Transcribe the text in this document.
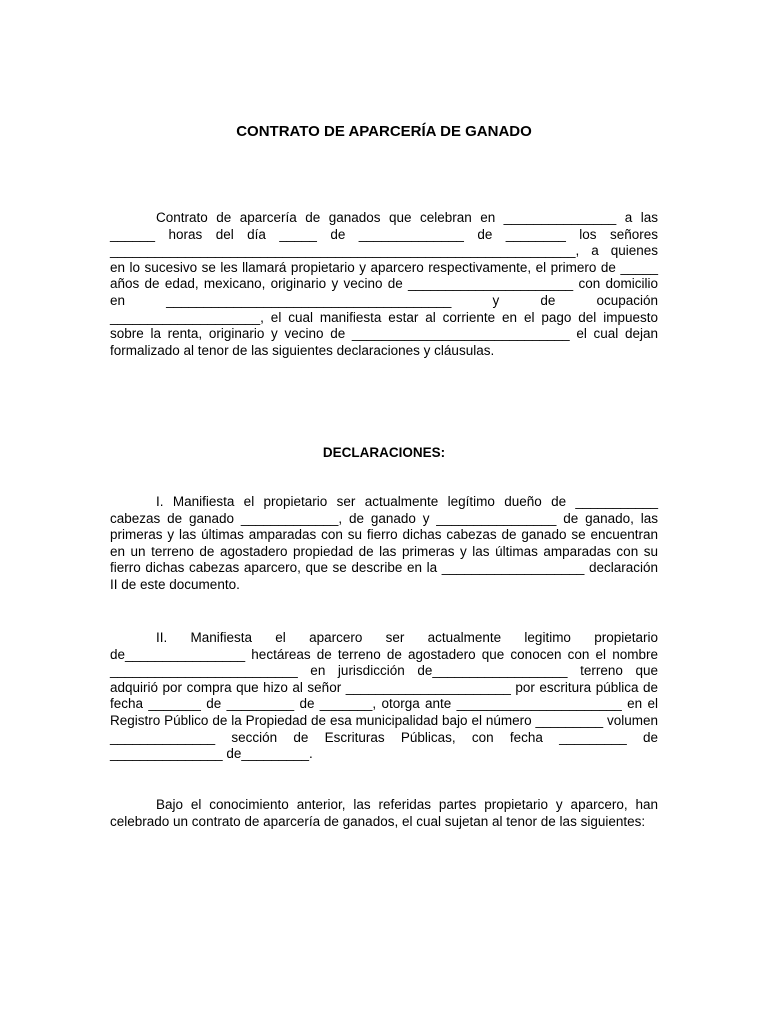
CONTRATO DE APARCERÍA DE GANADO

Contrato de aparcería de ganados que celebran en _______________ a las ______ horas del día _____ de ______________ de ________ los señores ______________________________________________________________, a quienes en lo sucesivo se les llamará propietario y aparcero respectivamente, el primero de _____ años de edad, mexicano, originario y vecino de ______________________ con domicilio en ______________________________________ y de ocupación ____________________, el cual manifiesta estar al corriente en el pago del impuesto sobre la renta, originario y vecino de _____________________________ el cual dejan formalizado al tenor de las siguientes declaraciones y cláusulas.

DECLARACIONES:

I. Manifiesta el propietario ser actualmente legítimo dueño de ___________ cabezas de ganado _____________, de ganado y ________________ de ganado, las primeras y las últimas amparadas con su fierro dichas cabezas de ganado se encuentran en un terreno de agostadero propiedad de las primeras y las últimas amparadas con su fierro dichas cabezas aparcero, que se describe en la ___________________ declaración II de este documento.

II. Manifiesta el aparcero ser actualmente legitimo propietario de________________ hectáreas de terreno de agostadero que conocen con el nombre _________________________ en jurisdicción de__________________ terreno que adquirió por compra que hizo al señor ______________________ por escritura pública de fecha _______ de _________ de _______, otorga ante ______________________ en el Registro Público de la Propiedad de esa municipalidad bajo el número _________ volumen ______________ sección de Escrituras Públicas, con fecha _________ de _______________ de_________.

Bajo el conocimiento anterior, las referidas partes propietario y aparcero, han celebrado un contrato de aparcería de ganados, el cual sujetan al tenor de las siguientes:
